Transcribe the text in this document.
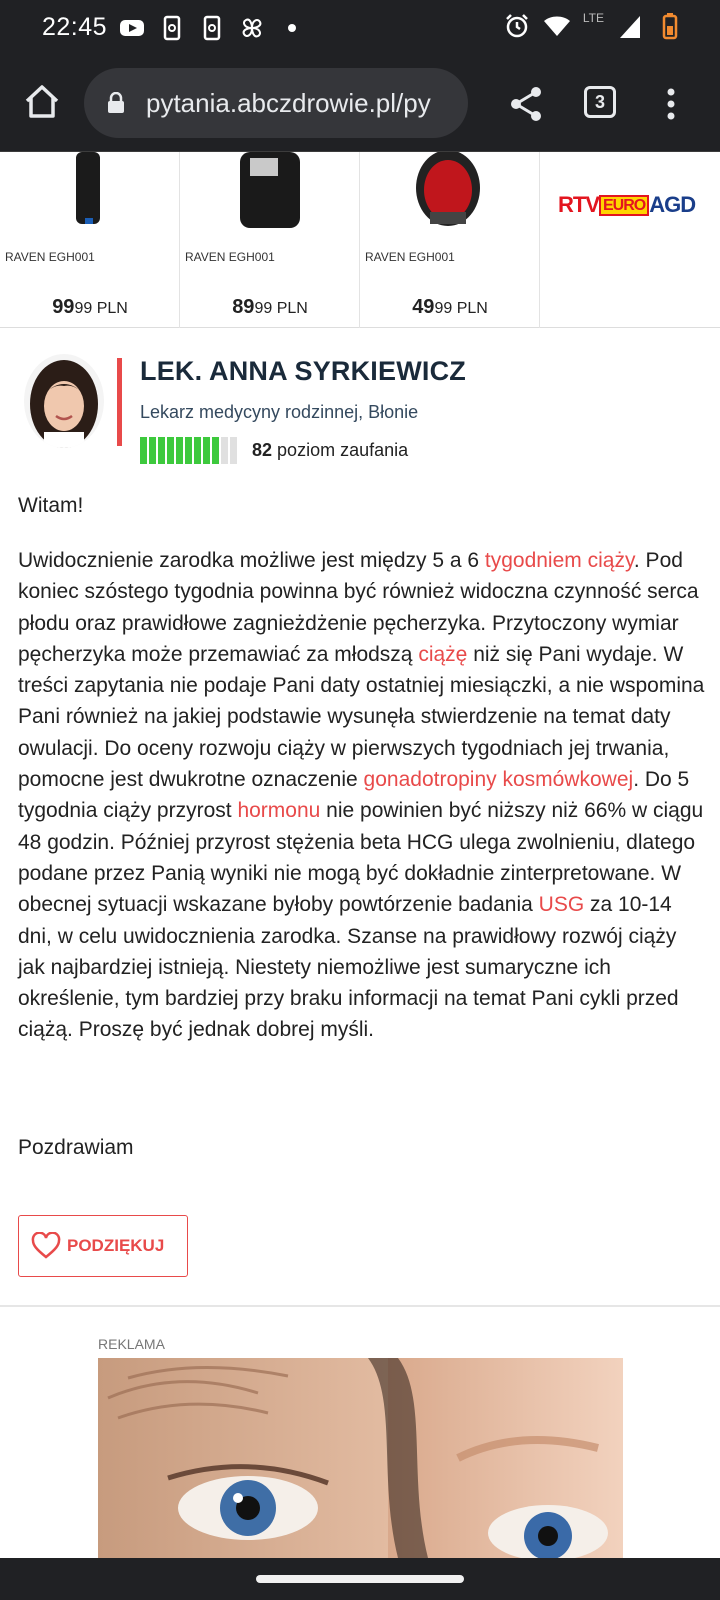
22:45	LTE
pytania.abczdrowie.pl/py	3
RAVEN EGH001
9999 PLN
RAVEN EGH001
8999 PLN
RAVEN EGH001
4999 PLN
RTV EURO AGD
LEK. ANNA SYRKIEWICZ
Lekarz medycyny rodzinnej, Błonie
82 poziom zaufania
Witam!
Uwidocznienie zarodka możliwe jest między 5 a 6 tygodniem ciąży. Pod koniec szóstego tygodnia powinna być również widoczna czynność serca płodu oraz prawidłowe zagnieżdżenie pęcherzyka. Przytoczony wymiar pęcherzyka może przemawiać za młodszą ciążę niż się Pani wydaje. W treści zapytania nie podaje Pani daty ostatniej miesiączki, a nie wspomina Pani również na jakiej podstawie wysunęła stwierdzenie na temat daty owulacji. Do oceny rozwoju ciąży w pierwszych tygodniach jej trwania, pomocne jest dwukrotne oznaczenie gonadotropiny kosmówkowej. Do 5 tygodnia ciąży przyrost hormonu nie powinien być niższy niż 66% w ciągu 48 godzin. Później przyrost stężenia beta HCG ulega zwolnieniu, dlatego podane przez Panią wyniki nie mogą być dokładnie zinterpretowane. W obecnej sytuacji wskazane byłoby powtórzenie badania USG za 10-14 dni, w celu uwidocznienia zarodka. Szanse na prawidłowy rozwój ciąży jak najbardziej istnieją. Niestety niemożliwe jest sumaryczne ich określenie, tym bardziej przy braku informacji na temat Pani cykli przed ciążą. Proszę być jednak dobrej myśli.
Pozdrawiam
PODZIĘKUJ
REKLAMA
